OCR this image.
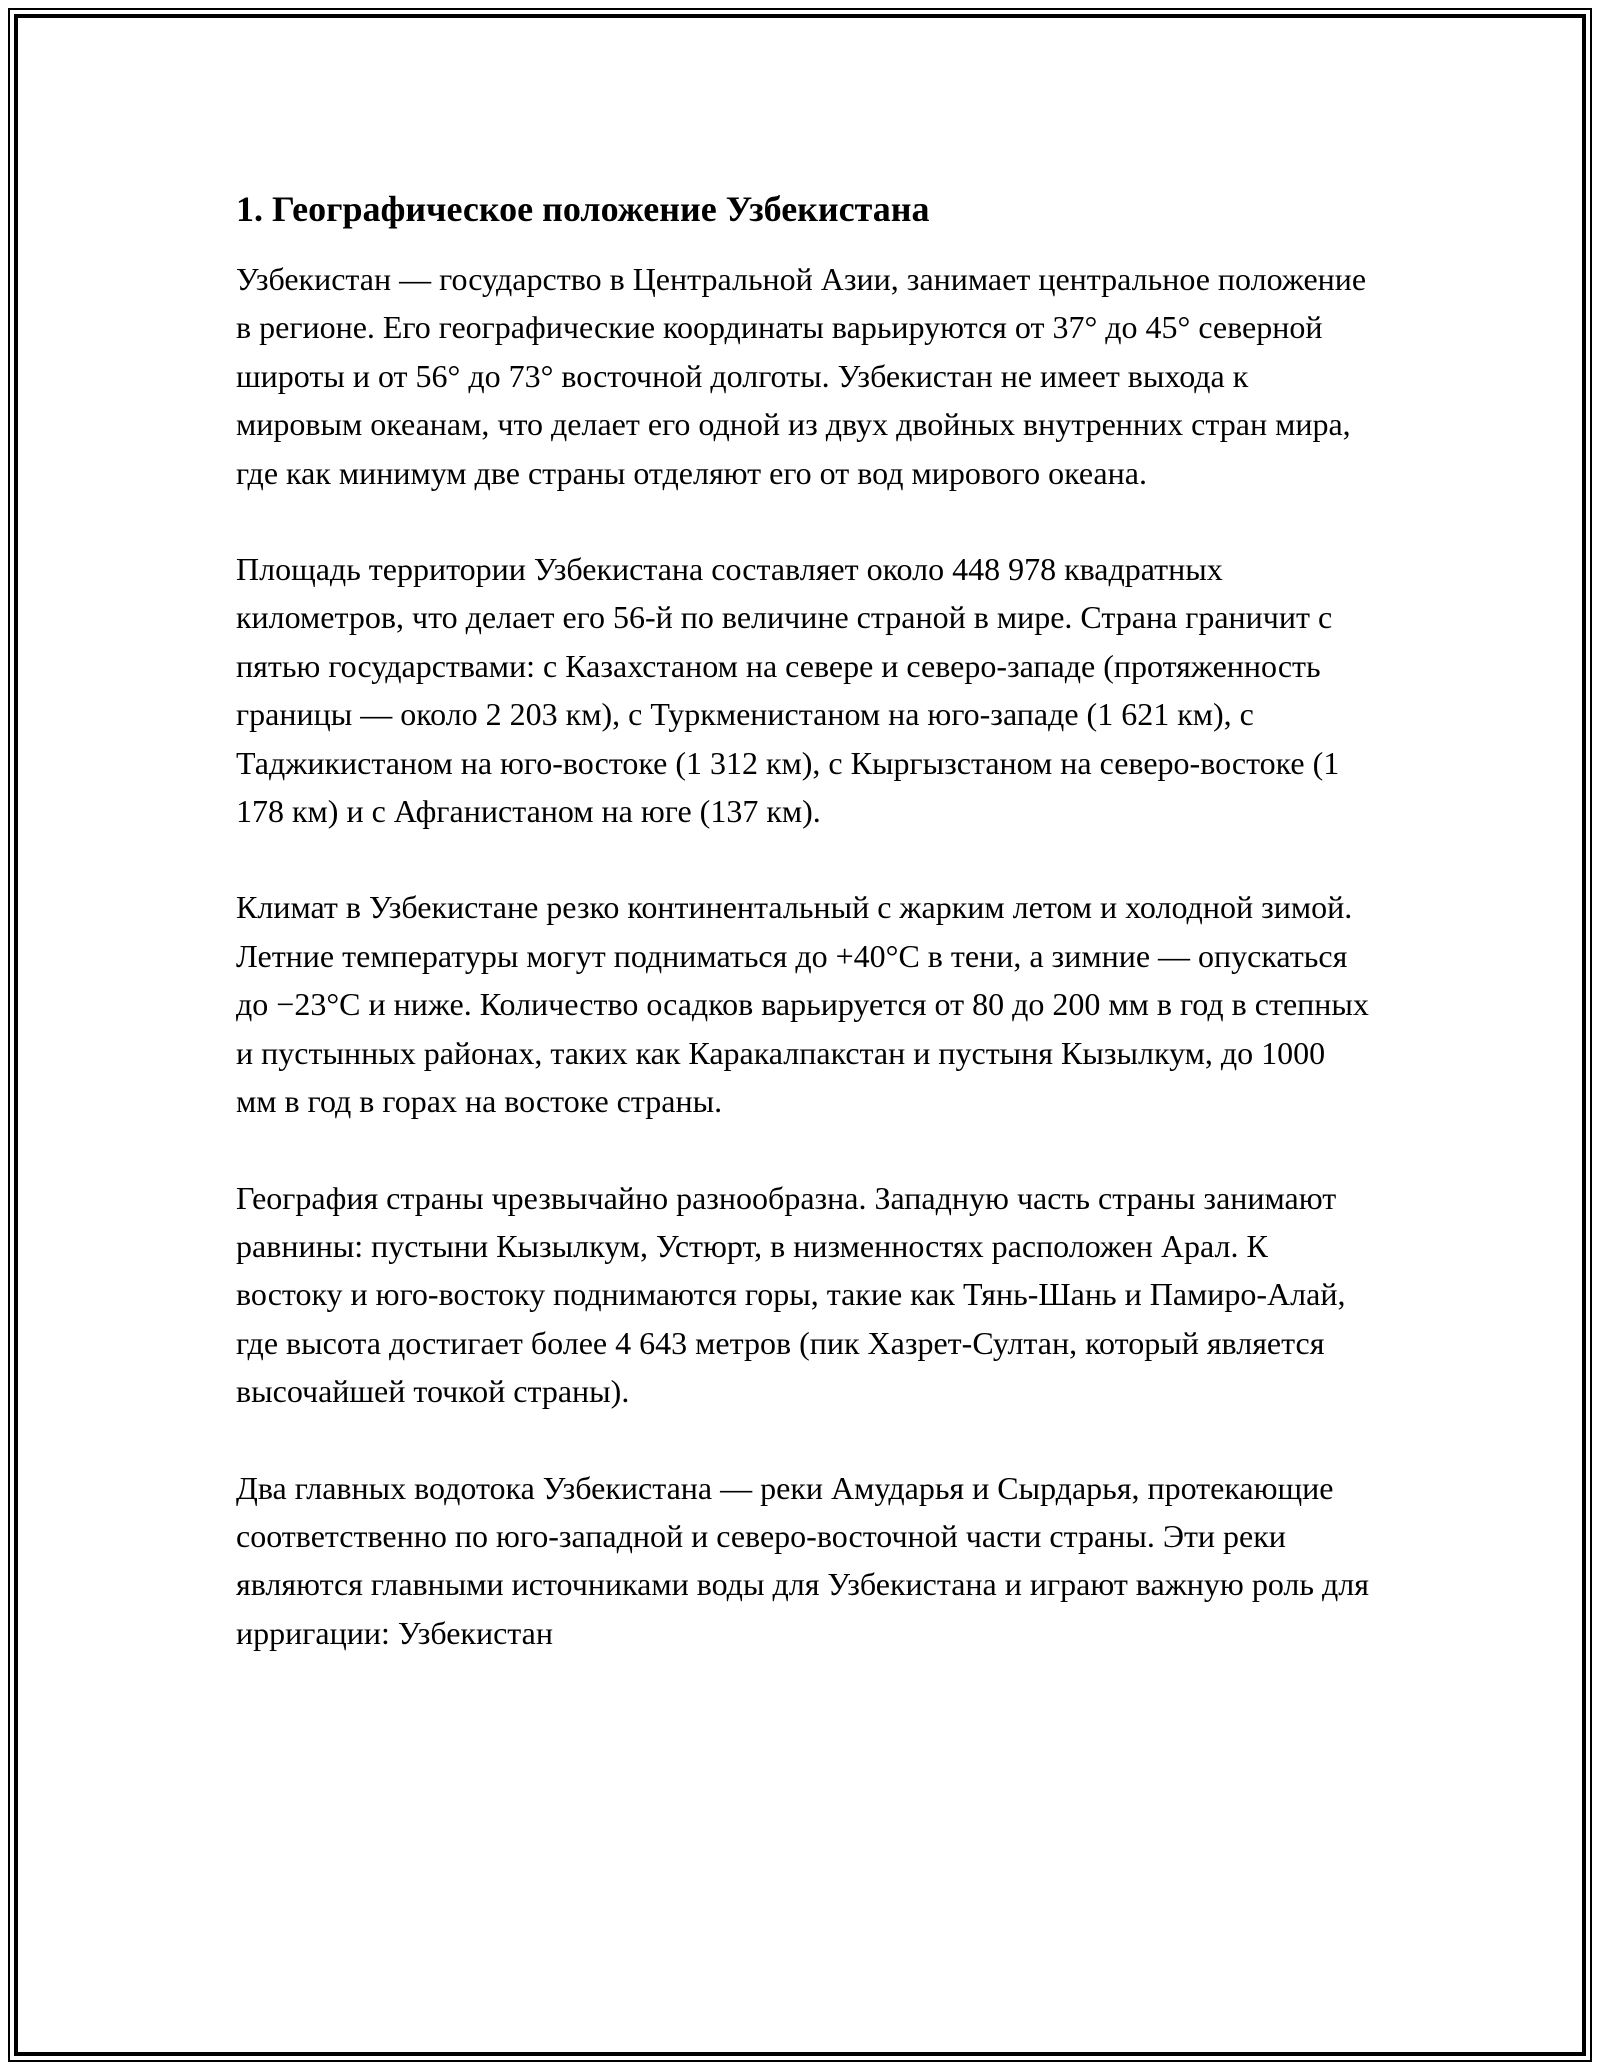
1. Географическое положение Узбекистана

Узбекистан — государство в Центральной Азии, занимает центральное положение в регионе. Его географические координаты варьируются от 37° до 45° северной широты и от 56° до 73° восточной долготы. Узбекистан не имеет выхода к мировым океанам, что делает его одной из двух двойных внутренних стран мира, где как минимум две страны отделяют его от вод мирового океана.

Площадь территории Узбекистана составляет около 448 978 квадратных километров, что делает его 56-й по величине страной в мире. Страна граничит с пятью государствами: с Казахстаном на севере и северо-западе (протяженность границы — около 2 203 км), с Туркменистаном на юго-западе (1 621 км), с Таджикистаном на юго-востоке (1 312 км), с Кыргызстаном на северо-востоке (1 178 км) и с Афганистаном на юге (137 км).

Климат в Узбекистане резко континентальный с жарким летом и холодной зимой. Летние температуры могут подниматься до +40°C в тени, а зимние — опускаться до −23°C и ниже. Количество осадков варьируется от 80 до 200 мм в год в степных и пустынных районах, таких как Каракалпакстан и пустыня Кызылкум, до 1000 мм в год в горах на востоке страны.

География страны чрезвычайно разнообразна. Западную часть страны занимают равнины: пустыни Кызылкум, Устюрт, в низменностях расположен Арал. К востоку и юго-востоку поднимаются горы, такие как Тянь-Шань и Памиро-Алай, где высота достигает более 4 643 метров (пик Хазрет-Султан, который является высочайшей точкой страны).

Два главных водотока Узбекистана — реки Амударья и Сырдарья, протекающие соответственно по юго-западной и северо-восточной части страны. Эти реки являются главными источниками воды для Узбекистана и играют важную роль для ирригации: Узбекистан
